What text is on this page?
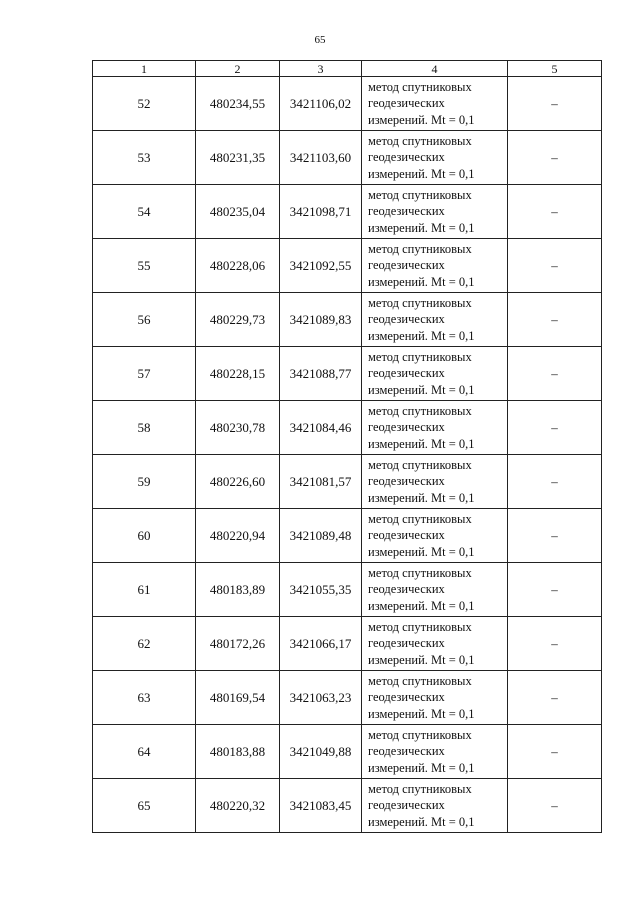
65
1	2	3	4	5
52	480234,55	3421106,02	метод спутниковых
геодезических
измерений. Mt = 0,1	–
53	480231,35	3421103,60	метод спутниковых
геодезических
измерений. Mt = 0,1	–
54	480235,04	3421098,71	метод спутниковых
геодезических
измерений. Mt = 0,1	–
55	480228,06	3421092,55	метод спутниковых
геодезических
измерений. Mt = 0,1	–
56	480229,73	3421089,83	метод спутниковых
геодезических
измерений. Mt = 0,1	–
57	480228,15	3421088,77	метод спутниковых
геодезических
измерений. Mt = 0,1	–
58	480230,78	3421084,46	метод спутниковых
геодезических
измерений. Mt = 0,1	–
59	480226,60	3421081,57	метод спутниковых
геодезических
измерений. Mt = 0,1	–
60	480220,94	3421089,48	метод спутниковых
геодезических
измерений. Mt = 0,1	–
61	480183,89	3421055,35	метод спутниковых
геодезических
измерений. Mt = 0,1	–
62	480172,26	3421066,17	метод спутниковых
геодезических
измерений. Mt = 0,1	–
63	480169,54	3421063,23	метод спутниковых
геодезических
измерений. Mt = 0,1	–
64	480183,88	3421049,88	метод спутниковых
геодезических
измерений. Mt = 0,1	–
65	480220,32	3421083,45	метод спутниковых
геодезических
измерений. Mt = 0,1	–
